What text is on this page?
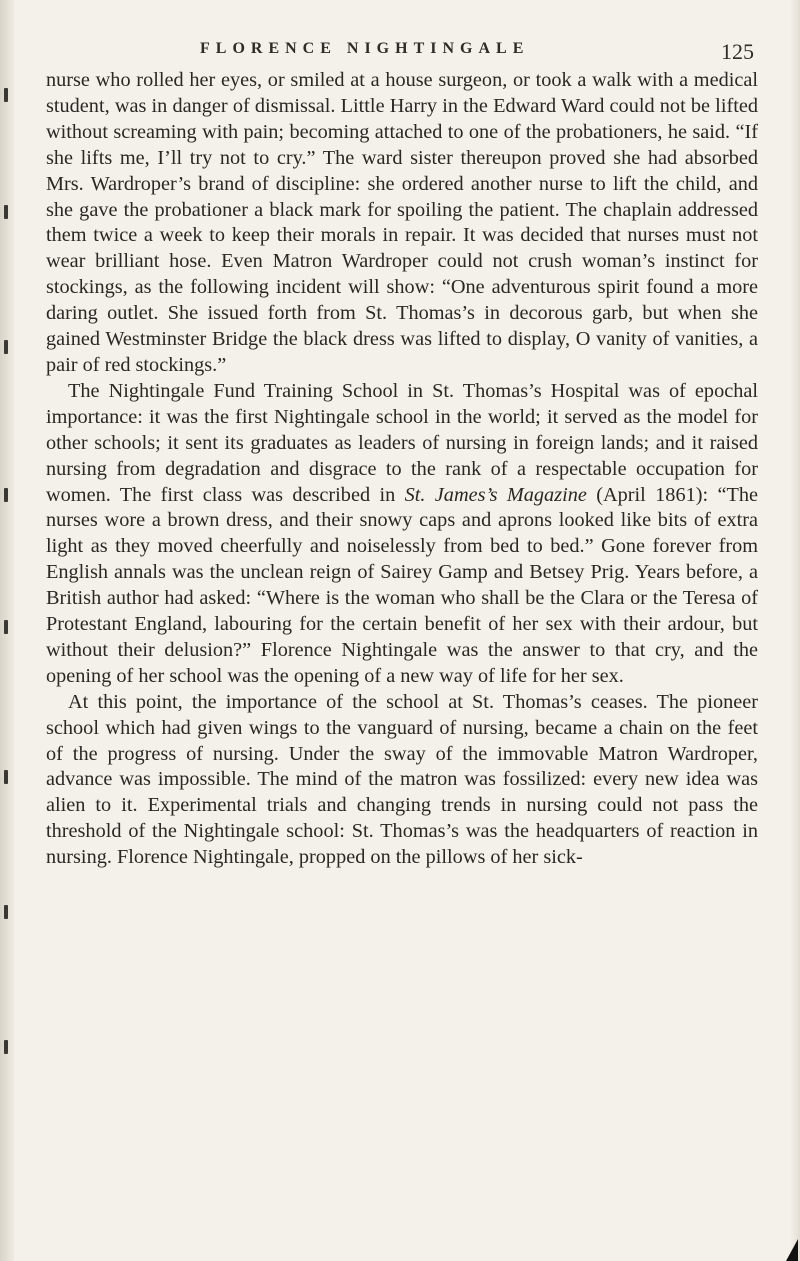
FLORENCE NIGHTINGALE	125

nurse who rolled her eyes, or smiled at a house surgeon, or took a walk with a medical student, was in danger of dismissal. Little Harry in the Edward Ward could not be lifted without screaming with pain; becoming attached to one of the probationers, he said. “If she lifts me, I’ll try not to cry.” The ward sister thereupon proved she had absorbed Mrs. Wardroper’s brand of discipline: she ordered another nurse to lift the child, and she gave the probationer a black mark for spoiling the patient. The chaplain addressed them twice a week to keep their morals in repair. It was decided that nurses must not wear brilliant hose. Even Matron Wardroper could not crush woman’s instinct for stockings, as the following incident will show: “One adventurous spirit found a more daring outlet. She issued forth from St. Thomas’s in decorous garb, but when she gained Westminster Bridge the black dress was lifted to display, O vanity of vanities, a pair of red stockings.”

The Nightingale Fund Training School in St. Thomas’s Hospital was of epochal importance: it was the first Nightingale school in the world; it served as the model for other schools; it sent its graduates as leaders of nursing in foreign lands; and it raised nursing from degradation and disgrace to the rank of a respectable occupation for women. The first class was described in St. James’s Magazine (April 1861): “The nurses wore a brown dress, and their snowy caps and aprons looked like bits of extra light as they moved cheerfully and noiselessly from bed to bed.” Gone forever from English annals was the unclean reign of Sairey Gamp and Betsey Prig. Years before, a British author had asked: “Where is the woman who shall be the Clara or the Teresa of Protestant England, labouring for the certain benefit of her sex with their ardour, but without their delusion?” Florence Nightingale was the answer to that cry, and the opening of her school was the opening of a new way of life for her sex.

At this point, the importance of the school at St. Thomas’s ceases. The pioneer school which had given wings to the vanguard of nursing, became a chain on the feet of the progress of nursing. Under the sway of the immovable Matron Wardroper, advance was impossible. The mind of the matron was fossilized: every new idea was alien to it. Experimental trials and changing trends in nursing could not pass the threshold of the Nightingale school: St. Thomas’s was the headquarters of reaction in nursing. Florence Nightingale, propped on the pillows of her sick-
